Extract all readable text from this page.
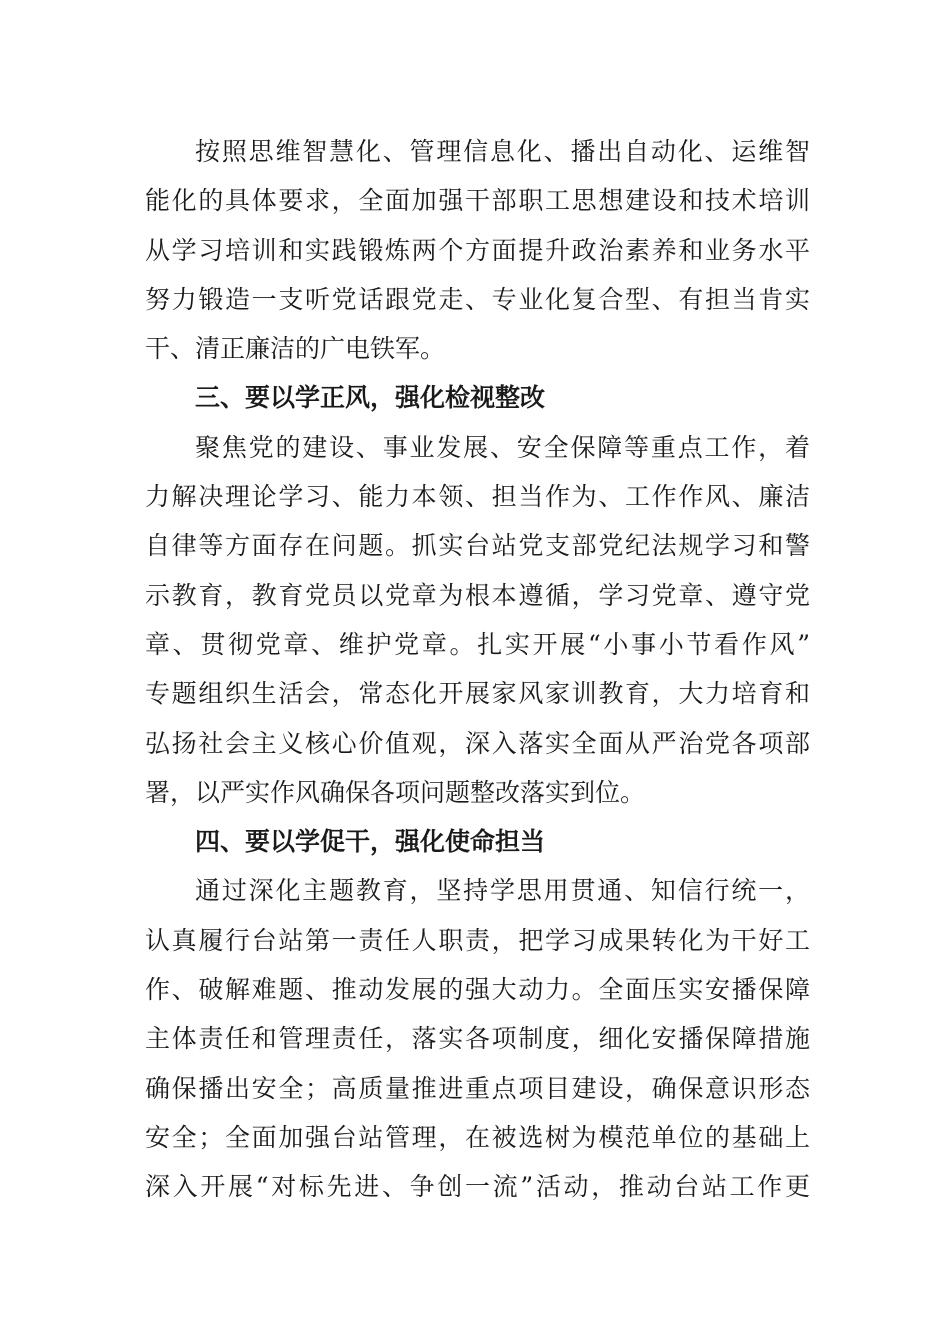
按照思维智慧化、管理信息化、播出自动化、运维智
能化的具体要求，全面加强干部职工思想建设和技术培训
从学习培训和实践锻炼两个方面提升政治素养和业务水平
努力锻造一支听党话跟党走、专业化复合型、有担当肯实
干、清正廉洁的广电铁军。
三、要以学正风，强化检视整改
聚焦党的建设、事业发展、安全保障等重点工作，着
力解决理论学习、能力本领、担当作为、工作作风、廉洁
自律等方面存在问题。抓实台站党支部党纪法规学习和警
示教育，教育党员以党章为根本遵循，学习党章、遵守党
章、贯彻党章、维护党章。扎实开展“小事小节看作风”
专题组织生活会，常态化开展家风家训教育，大力培育和
弘扬社会主义核心价值观，深入落实全面从严治党各项部
署，以严实作风确保各项问题整改落实到位。
四、要以学促干，强化使命担当
通过深化主题教育，坚持学思用贯通、知信行统一，
认真履行台站第一责任人职责，把学习成果转化为干好工
作、破解难题、推动发展的强大动力。全面压实安播保障
主体责任和管理责任，落实各项制度，细化安播保障措施
确保播出安全；高质量推进重点项目建设，确保意识形态
安全；全面加强台站管理，在被选树为模范单位的基础上
深入开展“对标先进、争创一流”活动，推动台站工作更
